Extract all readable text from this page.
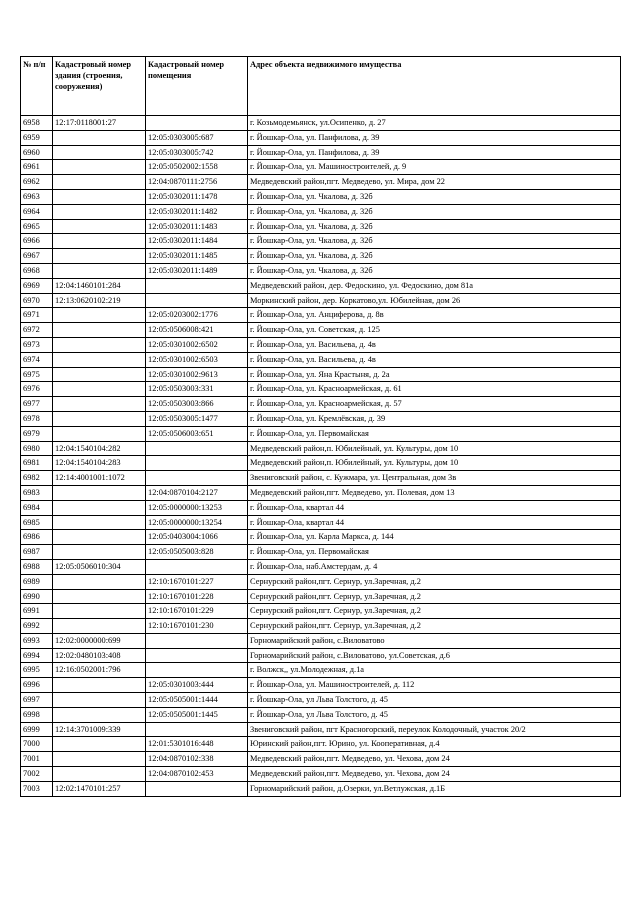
№ п/п	Кадастровый номер здания (строения, сооружения)	Кадастровый номер помещения	Адрес объекта недвижимого имущества
6958	12:17:0118001:27		г. Козьмодемьянск, ул.Осипенко, д. 27
6959		12:05:0303005:687	г. Йошкар-Ола, ул. Панфилова, д. 39
6960		12:05:0303005:742	г. Йошкар-Ола, ул. Панфилова, д. 39
6961		12:05:0502002:1558	г. Йошкар-Ола, ул. Машиностроителей, д. 9
6962		12:04:0870111:2756	Медведевский район,пгт. Медведево, ул. Мира, дом 22
6963		12:05:0302011:1478	г. Йошкар-Ола, ул. Чкалова, д. 32б
6964		12:05:0302011:1482	г. Йошкар-Ола, ул. Чкалова, д. 32б
6965		12:05:0302011:1483	г. Йошкар-Ола, ул. Чкалова, д. 32б
6966		12:05:0302011:1484	г. Йошкар-Ола, ул. Чкалова, д. 32б
6967		12:05:0302011:1485	г. Йошкар-Ола, ул. Чкалова, д. 32б
6968		12:05:0302011:1489	г. Йошкар-Ола, ул. Чкалова, д. 32б
6969	12:04:1460101:284		Медведевский район, дер. Федоскино, ул. Федоскино, дом 81а
6970	12:13:0620102:219		Моркинский район, дер. Коркатово,ул. Юбилейная, дом 26
6971		12:05:0203002:1776	г. Йошкар-Ола, ул. Анциферова, д. 8в
6972		12:05:0506008:421	г. Йошкар-Ола, ул. Советская, д. 125
6973		12:05:0301002:6502	г. Йошкар-Ола, ул. Васильева, д. 4в
6974		12:05:0301002:6503	г. Йошкар-Ола, ул. Васильева, д. 4в
6975		12:05:0301002:9613	г. Йошкар-Ола, ул. Яна Крастыня, д. 2а
6976		12:05:0503003:331	г. Йошкар-Ола, ул. Красноармейская, д. 61
6977		12:05:0503003:866	г. Йошкар-Ола, ул. Красноармейская, д. 57
6978		12:05:0503005:1477	г. Йошкар-Ола, ул. Кремлёвская, д. 39
6979		12:05:0506003:651	г. Йошкар-Ола, ул. Первомайская
6980	12:04:1540104:282		Медведевский район,п. Юбилейный, ул. Культуры, дом 10
6981	12:04:1540104:283		Медведевский район,п. Юбилейный, ул. Культуры, дом 10
6982	12:14:4001001:1072		Звениговский район, с. Кужмара, ул. Центральная, дом 3в
6983		12:04:0870104:2127	Медведевский район,пгт. Медведево, ул. Полевая, дом 13
6984		12:05:0000000:13253	г. Йошкар-Ола, квартал 44
6985		12:05:0000000:13254	г. Йошкар-Ола, квартал 44
6986		12:05:0403004:1066	г. Йошкар-Ола, ул. Карла Маркса, д. 144
6987		12:05:0505003:828	г. Йошкар-Ола, ул. Первомайская
6988	12:05:0506010:304		г. Йошкар-Ола, наб.Амстердам, д. 4
6989		12:10:1670101:227	Сернурский район,пгт. Сернур, ул.Заречная, д.2
6990		12:10:1670101:228	Сернурский район,пгт. Сернур, ул.Заречная, д.2
6991		12:10:1670101:229	Сернурский район,пгт. Сернур, ул.Заречная, д.2
6992		12:10:1670101:230	Сернурский район,пгт. Сернур, ул.Заречная, д.2
6993	12:02:0000000:699		Горномарийский район, с.Виловатово
6994	12:02:0480103:408		Горномарийский район, с.Виловатово, ул.Советская, д.6
6995	12:16:0502001:796		г. Волжск,, ул.Молодежная, д.1а
6996		12:05:0301003:444	г. Йошкар-Ола, ул. Машиностроителей, д. 112
6997		12:05:0505001:1444	г. Йошкар-Ола, ул Льва Толстого, д. 45
6998		12:05:0505001:1445	г. Йошкар-Ола, ул Льва Толстого, д. 45
6999	12:14:3701009:339		Звениговский район, пгт Красногорский, переулок Колодочный, участок 20/2
7000		12:01:5301016:448	Юринский район,пгт. Юрино, ул. Кооперативная, д.4
7001		12:04:0870102:338	Медведевский район,пгт. Медведево, ул. Чехова, дом 24
7002		12:04:0870102:453	Медведевский район,пгт. Медведево, ул. Чехова, дом 24
7003	12:02:1470101:257		Горномарийский район, д.Озерки, ул.Ветлужская, д.1Б
